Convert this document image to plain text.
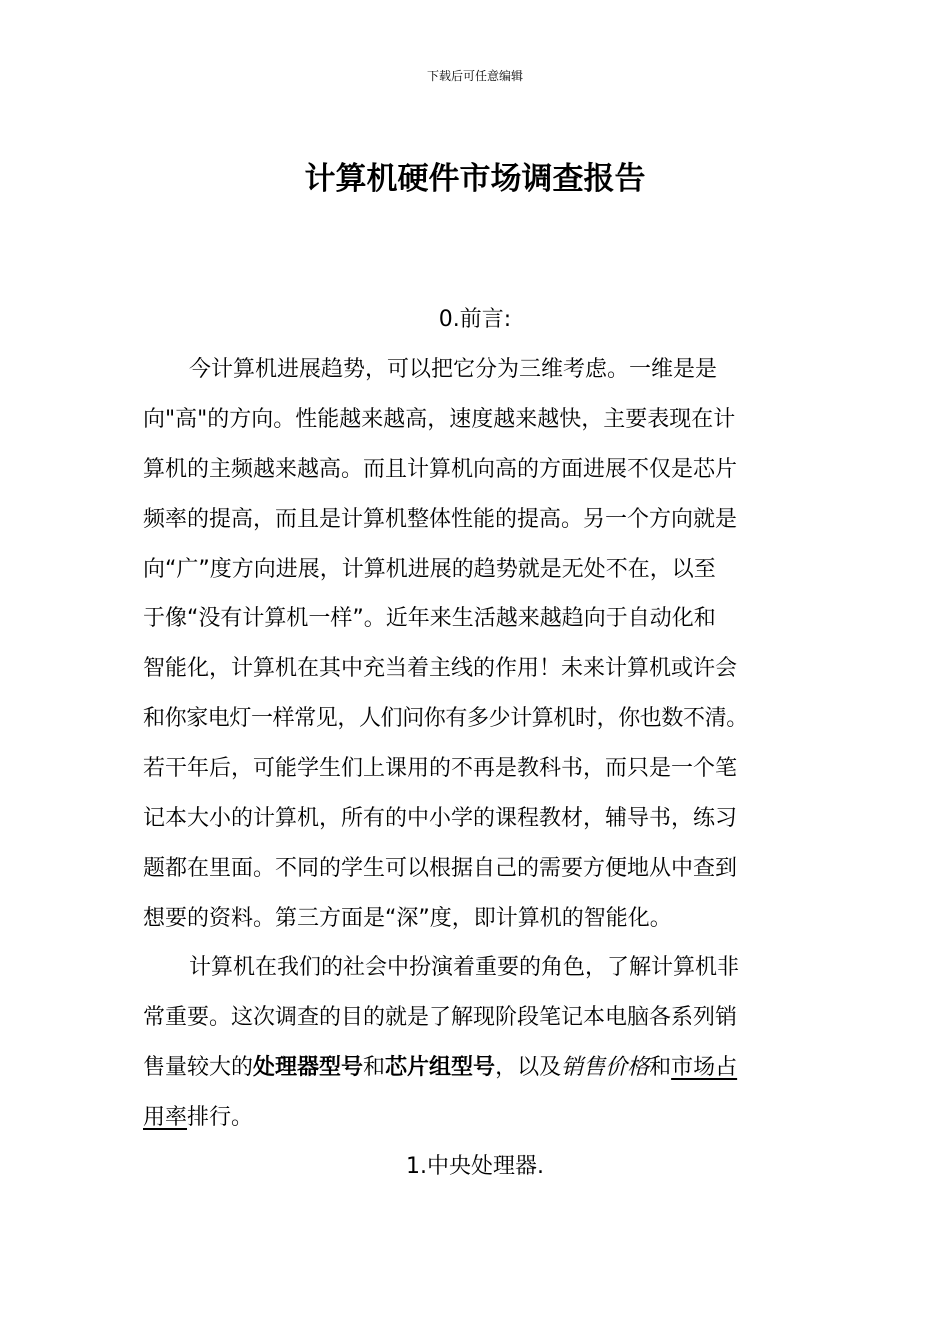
下载后可任意编辑
计算机硬件市场调查报告
0.前言:
今计算机进展趋势，可以把它分为三维考虑。一维是是
向"高"的方向。性能越来越高，速度越来越快，主要表现在计
算机的主频越来越高。而且计算机向高的方面进展不仅是芯片
频率的提高，而且是计算机整体性能的提高。另一个方向就是
向“广”度方向进展，计算机进展的趋势就是无处不在，以至
于像“没有计算机一样”。近年来生活越来越趋向于自动化和
智能化，计算机在其中充当着主线的作用！未来计算机或许会
和你家电灯一样常见，人们问你有多少计算机时，你也数不清。
若干年后，可能学生们上课用的不再是教科书，而只是一个笔
记本大小的计算机，所有的中小学的课程教材，辅导书，练习
题都在里面。不同的学生可以根据自己的需要方便地从中查到
想要的资料。第三方面是“深”度，即计算机的智能化。
计算机在我们的社会中扮演着重要的角色，了解计算机非
常重要。这次调查的目的就是了解现阶段笔记本电脑各系列销
售量较大的处理器型号和芯片组型号，以及销售价格和市场占
用率排行。
1.中央处理器.
